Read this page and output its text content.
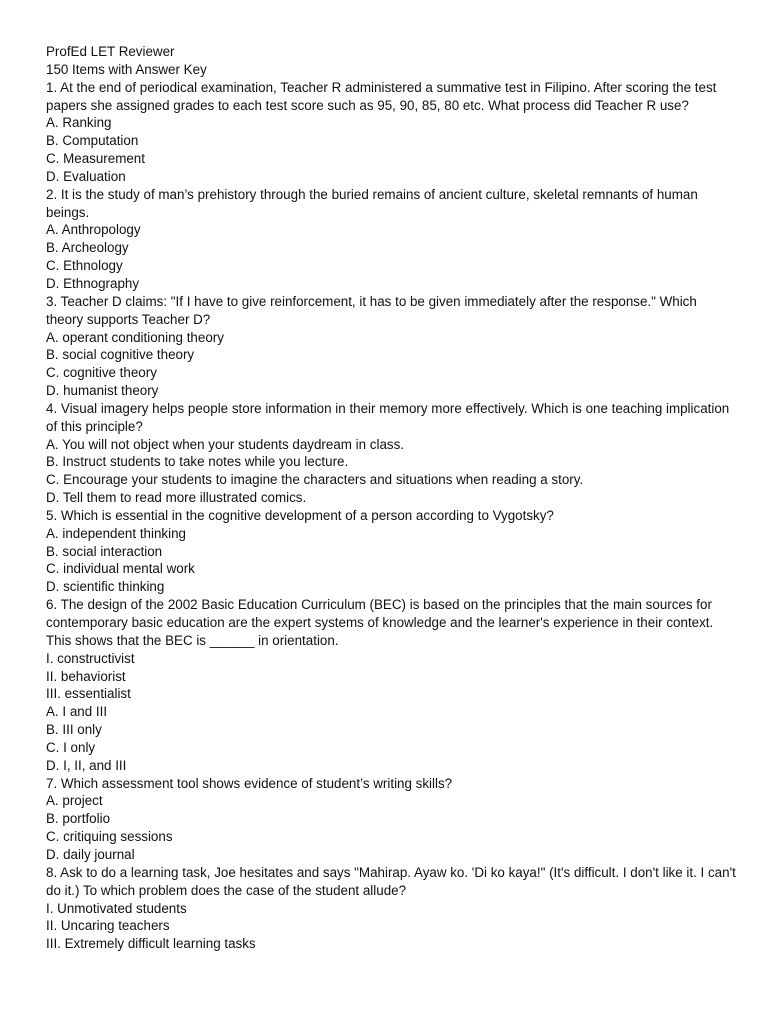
ProfEd LET Reviewer

150 Items with Answer Key

1. At the end of periodical examination, Teacher R administered a summative test in Filipino. After scoring the test papers she assigned grades to each test score such as 95, 90, 85, 80 etc. What process did Teacher R use?

A. Ranking

B. Computation

C. Measurement

D. Evaluation

2. It is the study of man’s prehistory through the buried remains of ancient culture, skeletal remnants of human beings.

A. Anthropology

B. Archeology

C. Ethnology

D. Ethnography

3. Teacher D claims: "If I have to give reinforcement, it has to be given immediately after the response." Which theory supports Teacher D?

A. operant conditioning theory

B. social cognitive theory

C. cognitive theory

D. humanist theory

4. Visual imagery helps people store information in their memory more effectively. Which is one teaching implication of this principle?

A. You will not object when your students daydream in class.

B. Instruct students to take notes while you lecture.

C. Encourage your students to imagine the characters and situations when reading a story.

D. Tell them to read more illustrated comics.

5. Which is essential in the cognitive development of a person according to Vygotsky?

A. independent thinking

B. social interaction

C. individual mental work

D. scientific thinking

6. The design of the 2002 Basic Education Curriculum (BEC) is based on the principles that the main sources for contemporary basic education are the expert systems of knowledge and the learner's experience in their context. This shows that the BEC is ______ in orientation.

I. constructivist

II. behaviorist

III. essentialist

A. I and III

B. III only

C. I only

D. I, II, and III

7. Which assessment tool shows evidence of student’s writing skills?

A. project

B. portfolio

C. critiquing sessions

D. daily journal

8. Ask to do a learning task, Joe hesitates and says "Mahirap. Ayaw ko. 'Di ko kaya!" (It's difficult. I don't like it. I can't do it.) To which problem does the case of the student allude?

I. Unmotivated students

II. Uncaring teachers

III. Extremely difficult learning tasks
